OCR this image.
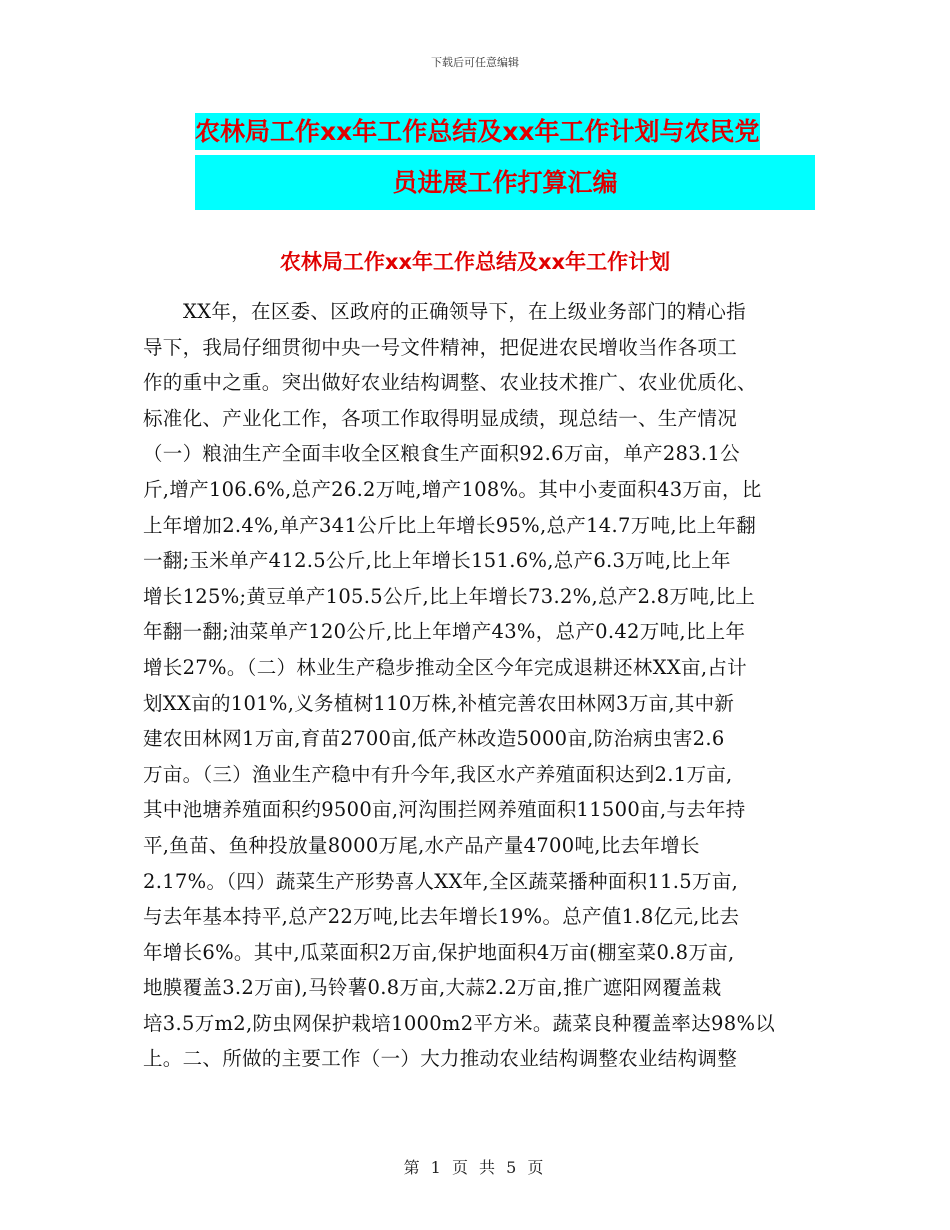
下载后可任意编辑
农林局工作xx年工作总结及xx年工作计划与农民党
员进展工作打算汇编
农林局工作xx年工作总结及xx年工作计划
XX年，在区委、区政府的正确领导下，在上级业务部门的精心指
导下，我局仔细贯彻中央一号文件精神，把促进农民增收当作各项工
作的重中之重。突出做好农业结构调整、农业技术推广、农业优质化、
标准化、产业化工作，各项工作取得明显成绩，现总结一、生产情况
（一）粮油生产全面丰收全区粮食生产面积92.6万亩，单产283.1公
斤,增产106.6%,总产26.2万吨,增产108%。其中小麦面积43万亩，比
上年增加2.4%,单产341公斤比上年增长95%,总产14.7万吨,比上年翻
一翻;玉米单产412.5公斤,比上年增长151.6%,总产6.3万吨,比上年
增长125%;黄豆单产105.5公斤,比上年增长73.2%,总产2.8万吨,比上
年翻一翻;油菜单产120公斤,比上年增产43%，总产0.42万吨,比上年
增长27%。（二）林业生产稳步推动全区今年完成退耕还林XX亩,占计
划XX亩的101%,义务植树110万株,补植完善农田林网3万亩,其中新
建农田林网1万亩,育苗2700亩,低产林改造5000亩,防治病虫害2.6
万亩。（三）渔业生产稳中有升今年,我区水产养殖面积达到2.1万亩,
其中池塘养殖面积约9500亩,河沟围拦网养殖面积11500亩,与去年持
平,鱼苗、鱼种投放量8000万尾,水产品产量4700吨,比去年增长
2.17%。（四）蔬菜生产形势喜人XX年,全区蔬菜播种面积11.5万亩,
与去年基本持平,总产22万吨,比去年增长19%。总产值1.8亿元,比去
年增长6%。其中,瓜菜面积2万亩,保护地面积4万亩(棚室菜0.8万亩,
地膜覆盖3.2万亩),马铃薯0.8万亩,大蒜2.2万亩,推广遮阳网覆盖栽
培3.5万m2,防虫网保护栽培1000m2平方米。蔬菜良种覆盖率达98%以
上。二、所做的主要工作（一）大力推动农业结构调整农业结构调整
第 1 页 共 5 页
